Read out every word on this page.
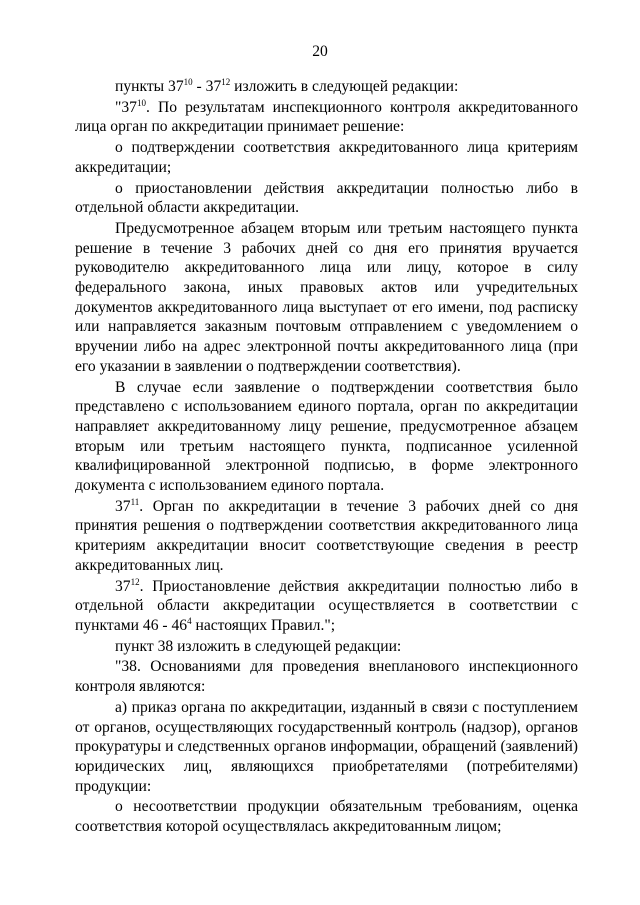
20

пункты $37^{10} - 37^{12}$ изложить в следующей редакции:

"$37^{10}$. По результатам инспекционного контроля аккредитованного лица орган по аккредитации принимает решение:

о подтверждении соответствия аккредитованного лица критериям аккредитации;

о приостановлении действия аккредитации полностью либо в отдельной области аккредитации.

Предусмотренное абзацем вторым или третьим настоящего пункта решение в течение 3 рабочих дней со дня его принятия вручается руководителю аккредитованного лица или лицу, которое в силу федерального закона, иных правовых актов или учредительных документов аккредитованного лица выступает от его имени, под расписку или направляется заказным почтовым отправлением с уведомлением о вручении либо на адрес электронной почты аккредитованного лица (при его указании в заявлении о подтверждении соответствия).

В случае если заявление о подтверждении соответствия было представлено с использованием единого портала, орган по аккредитации направляет аккредитованному лицу решение, предусмотренное абзацем вторым или третьим настоящего пункта, подписанное усиленной квалифицированной электронной подписью, в форме электронного документа с использованием единого портала.

$37^{11}$. Орган по аккредитации в течение 3 рабочих дней со дня принятия решения о подтверждении соответствия аккредитованного лица критериям аккредитации вносит соответствующие сведения в реестр аккредитованных лиц.

$37^{12}$. Приостановление действия аккредитации полностью либо в отдельной области аккредитации осуществляется в соответствии с пунктами $46 - 46^4$ настоящих Правил.";

пункт 38 изложить в следующей редакции:

"38. Основаниями для проведения внепланового инспекционного контроля являются:

а) приказ органа по аккредитации, изданный в связи с поступлением от органов, осуществляющих государственный контроль (надзор), органов прокуратуры и следственных органов информации, обращений (заявлений) юридических лиц, являющихся приобретателями (потребителями) продукции:

о несоответствии продукции обязательным требованиям, оценка соответствия которой осуществлялась аккредитованным лицом;
